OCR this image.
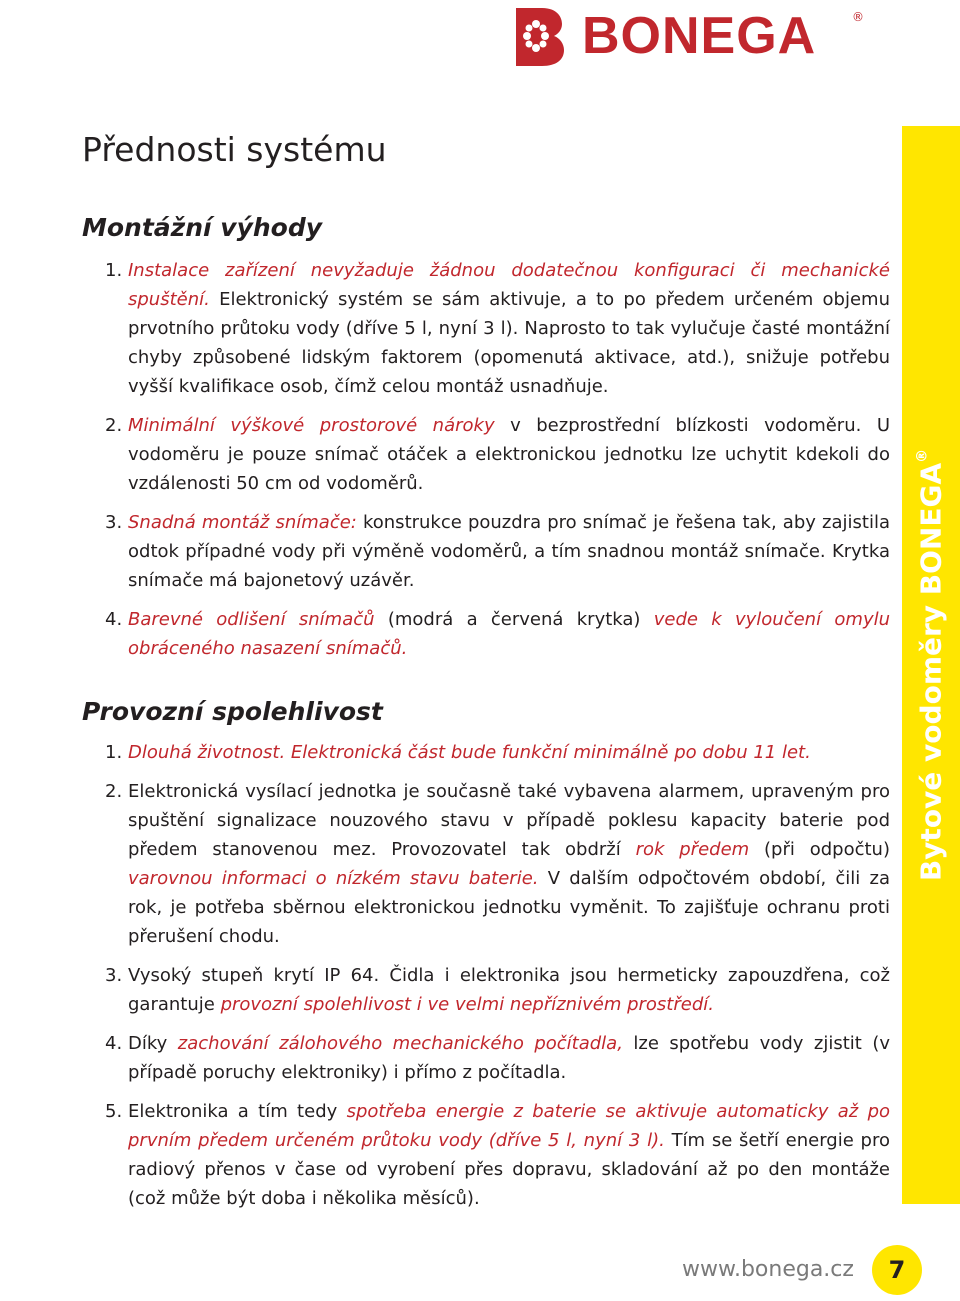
BONEGA	®
Bytové vodoměry BONEGA®
Přednosti systému
Montážní výhody
1. Instalace zařízení nevyžaduje žádnou dodatečnou konfiguraci či mechanické spuštění. Elektronický systém se sám aktivuje, a to po předem určeném objemu prvotního průtoku vody (dříve 5 l, nyní 3 l). Naprosto to tak vylučuje časté montážní chyby způsobené lidským faktorem (opomenutá aktivace, atd.), snižuje potřebu vyšší kvalifikace osob, čímž celou montáž usnadňuje.
2. Minimální výškové prostorové nároky v bezprostřední blízkosti vodoměru. U vodoměru je pouze snímač otáček a elektronickou jednotku lze uchytit kdekoli do vzdálenosti 50 cm od vodoměrů.
3. Snadná montáž snímače: konstrukce pouzdra pro snímač je řešena tak, aby zajistila odtok případné vody při výměně vodoměrů, a tím snadnou montáž snímače. Krytka snímače má bajonetový uzávěr.
4. Barevné odlišení snímačů (modrá a červená krytka) vede k vyloučení omylu obráceného nasazení snímačů.
Provozní spolehlivost
1. Dlouhá životnost. Elektronická část bude funkční minimálně po dobu 11 let.
2. Elektronická vysílací jednotka je současně také vybavena alarmem, upraveným pro spuštění signalizace nouzového stavu v případě poklesu kapacity baterie pod předem stanovenou mez. Provozovatel tak obdrží rok předem (při odpočtu) varovnou informaci o nízkém stavu baterie. V dalším odpočtovém období, čili za rok, je potřeba sběrnou elektronickou jednotku vyměnit. To zajišťuje ochranu proti přerušení chodu.
3. Vysoký stupeň krytí IP 64. Čidla i elektronika jsou hermeticky zapouzdřena, což garantuje provozní spolehlivost i ve velmi nepříznivém prostředí.
4. Díky zachování zálohového mechanického počítadla, lze spotřebu vody zjistit (v případě poruchy elektroniky) i přímo z počítadla.
5. Elektronika a tím tedy spotřeba energie z baterie se aktivuje automaticky až po prvním předem určeném průtoku vody (dříve 5 l, nyní 3 l). Tím se šetří energie pro radiový přenos v čase od vyrobení přes dopravu, skladování až po den montáže (což může být doba i několika měsíců).
www.bonega.cz	7
